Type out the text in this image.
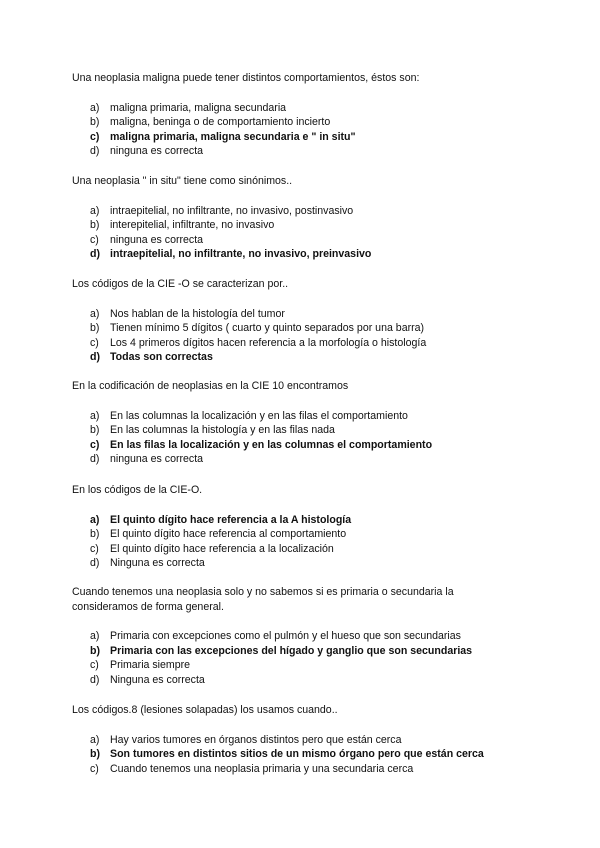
Una neoplasia maligna puede tener distintos comportamientos, éstos son:

a) maligna primaria, maligna secundaria
b) maligna, beninga o de comportamiento incierto
c) maligna primaria, maligna secundaria e " in situ"
d) ninguna es correcta

Una neoplasia " in situ" tiene como sinónimos..

a) intraepitelial, no infiltrante, no invasivo, postinvasivo
b) interepitelial, infiltrante, no invasivo
c) ninguna es correcta
d) intraepitelial, no infiltrante, no invasivo, preinvasivo

Los códigos de la CIE -O se caracterizan por..

a) Nos hablan de la histología del tumor
b) Tienen mínimo 5 dígitos ( cuarto y quinto separados por una barra)
c) Los 4 primeros dígitos hacen referencia a la morfología o histología
d) Todas son correctas

En la codificación de neoplasias en la CIE 10 encontramos

a) En las columnas la localización y en las filas el comportamiento
b) En las columnas la histología y en las filas nada
c) En las filas la localización y en las columnas el comportamiento
d) ninguna es correcta

En los códigos de la CIE-O.

a) El quinto dígito hace referencia a la A histología
b) El quinto dígito hace referencia al comportamiento
c) El quinto dígito hace referencia a la localización
d) Ninguna es correcta

Cuando tenemos una neoplasia solo y no sabemos si es primaria o secundaria la consideramos de forma general.

a) Primaria con excepciones como el pulmón y el hueso que son secundarias
b) Primaria con las excepciones del hígado y ganglio que son secundarias
c) Primaria siempre
d) Ninguna es correcta

Los códigos.8 (lesiones solapadas) los usamos cuando..

a) Hay varios tumores en órganos distintos pero que están cerca
b) Son tumores en distintos sitios de un mismo órgano pero que están cerca
c) Cuando tenemos una neoplasia primaria y una secundaria cerca
